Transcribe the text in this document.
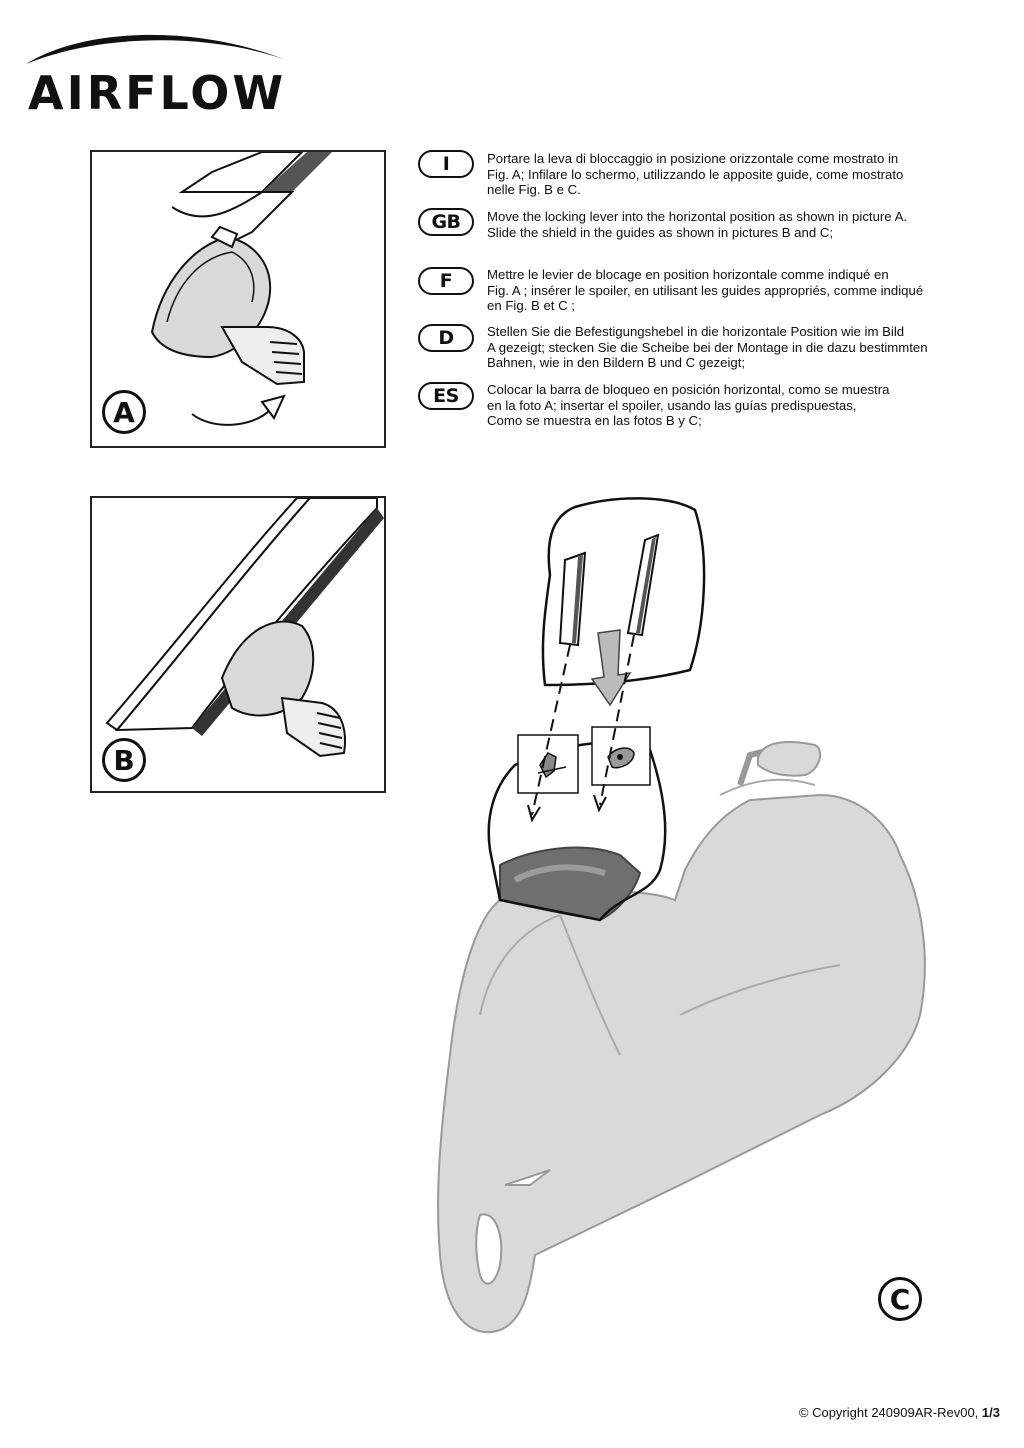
AIRFLOW
A
B
I	Portare la leva di bloccaggio in posizione orizzontale come mostrato in
Fig. A; Infilare lo schermo, utilizzando le apposite guide, come mostrato
nelle Fig. B e C.
GB	Move the locking lever into the horizontal position as shown in picture A.
Slide the shield in the guides as shown in pictures B and C;
F	Mettre le levier de blocage en position horizontale comme indiqué en
Fig. A ; insérer le spoiler, en utilisant les guides appropriés, comme indiqué
en Fig. B et C ;
D	Stellen Sie die Befestigungshebel in die horizontale Position wie im Bild
A gezeigt; stecken Sie die Scheibe bei der Montage in die dazu bestimmten
Bahnen, wie in den Bildern B und C gezeigt;
ES	Colocar la barra de bloqueo en posición horizontal, como se muestra
en la foto A; insertar el spoiler, usando las guías predispuestas,
Como se muestra en las fotos B y C;
C
© Copyright 240909AR-Rev00, 1/3
